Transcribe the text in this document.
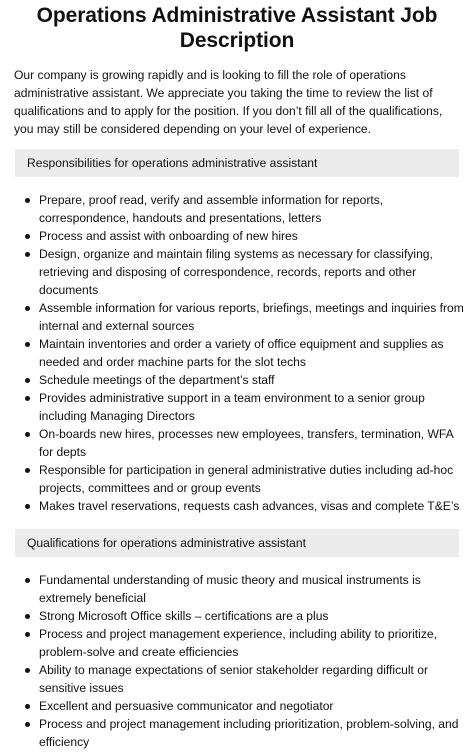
Operations Administrative Assistant Job Description

Our company is growing rapidly and is looking to fill the role of operations administrative assistant. We appreciate you taking the time to review the list of qualifications and to apply for the position. If you don’t fill all of the qualifications, you may still be considered depending on your level of experience.

Responsibilities for operations administrative assistant
Prepare, proof read, verify and assemble information for reports, correspondence, handouts and presentations, letters
Process and assist with onboarding of new hires
Design, organize and maintain filing systems as necessary for classifying, retrieving and disposing of correspondence, records, reports and other documents
Assemble information for various reports, briefings, meetings and inquiries from internal and external sources
Maintain inventories and order a variety of office equipment and supplies as needed and order machine parts for the slot techs
Schedule meetings of the department’s staff
Provides administrative support in a team environment to a senior group including Managing Directors
On-boards new hires, processes new employees, transfers, termination, WFA for depts
Responsible for participation in general administrative duties including ad-hoc projects, committees and or group events
Makes travel reservations, requests cash advances, visas and complete T&E’s
Qualifications for operations administrative assistant
Fundamental understanding of music theory and musical instruments is extremely beneficial
Strong Microsoft Office skills – certifications are a plus
Process and project management experience, including ability to prioritize, problem-solve and create efficiencies
Ability to manage expectations of senior stakeholder regarding difficult or sensitive issues
Excellent and persuasive communicator and negotiator
Process and project management including prioritization, problem-solving, and efficiency
